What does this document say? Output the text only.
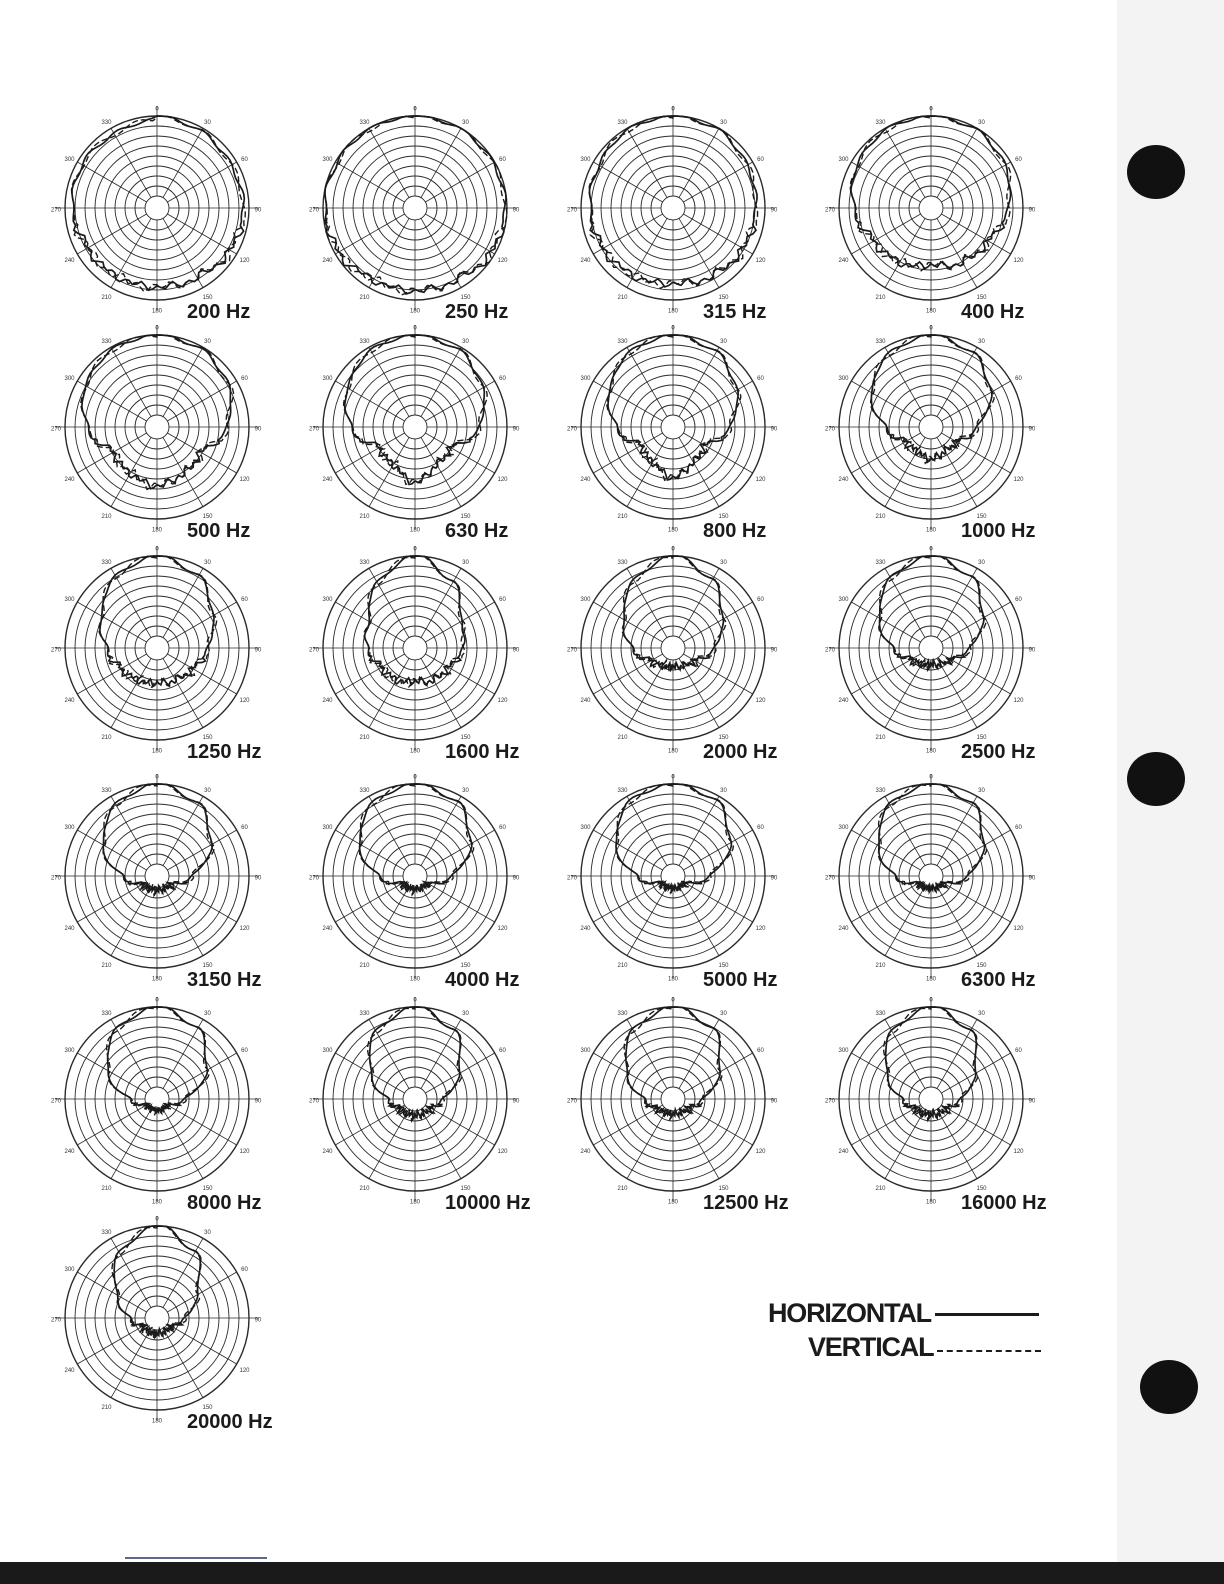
0
30
60
90
120
150
180
210
240
270
300
330
200 Hz
0
30
60
90
120
150
180
210
240
270
300
330
250 Hz
0
30
60
90
120
150
180
210
240
270
300
330
315 Hz
0
30
60
90
120
150
180
210
240
270
300
330
400 Hz
0
30
60
90
120
150
180
210
240
270
300
330
500 Hz
0
30
60
90
120
150
180
210
240
270
300
330
630 Hz
0
30
60
90
120
150
180
210
240
270
300
330
800 Hz
0
30
60
90
120
150
180
210
240
270
300
330
1000 Hz
0
30
60
90
120
150
180
210
240
270
300
330
1250 Hz
0
30
60
90
120
150
180
210
240
270
300
330
1600 Hz
0
30
60
90
120
150
180
210
240
270
300
330
2000 Hz
0
30
60
90
120
150
180
210
240
270
300
330
2500 Hz
0
30
60
90
120
150
180
210
240
270
300
330
3150 Hz
0
30
60
90
120
150
180
210
240
270
300
330
4000 Hz
0
30
60
90
120
150
180
210
240
270
300
330
5000 Hz
0
30
60
90
120
150
180
210
240
270
300
330
6300 Hz
0
30
60
90
120
150
180
210
240
270
300
330
8000 Hz
0
30
60
90
120
150
180
210
240
270
300
330
10000 Hz
0
30
60
90
120
150
180
210
240
270
300
330
12500 Hz
0
30
60
90
120
150
180
210
240
270
300
330
16000 Hz
0
30
60
90
120
150
180
210
240
270
300
330
20000 Hz
HORIZONTAL
VERTICAL
